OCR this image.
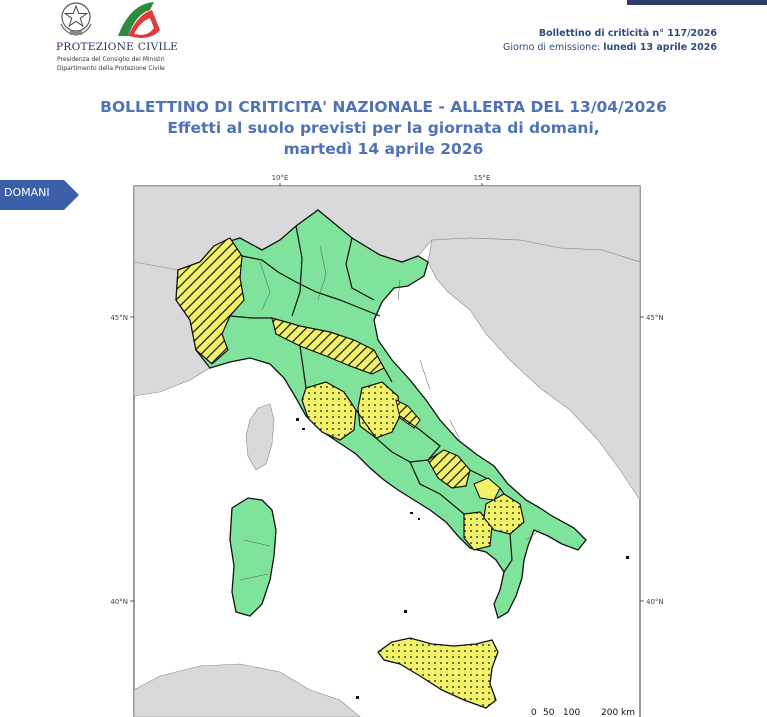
PROTEZIONE CIVILE
Presidenza del Consiglio dei Ministri
Dipartimento della Protezione Civile
Bollettino di criticità n° 117/2026
Giorno di emissione: lunedì 13 aprile 2026
BOLLETTINO DI CRITICITA' NAZIONALE - ALLERTA DEL 13/04/2026
Effetti al suolo previsti per la giornata di domani,
martedì 14 aprile 2026
DOMANI
10°E	15°E
45°N	45°N
40°N	40°N
0 50 100 200 km
